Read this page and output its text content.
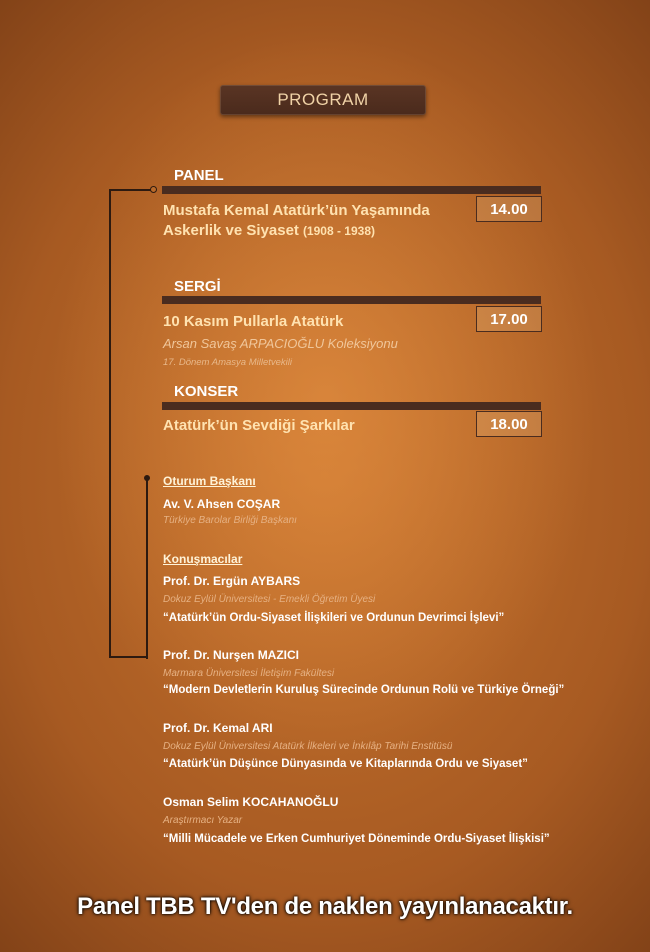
PROGRAM
PANEL
14.00
Mustafa Kemal Atatürk’ün Yaşamında
Askerlik ve Siyaset (1908 - 1938)
SERGİ
17.00
10 Kasım Pullarla Atatürk
Arsan Savaş ARPACIOĞLU Koleksiyonu
17. Dönem Amasya Milletvekili
KONSER
18.00
Atatürk’ün Sevdiği Şarkılar
Oturum Başkanı
Av. V. Ahsen COŞAR
Türkiye Barolar Birliği Başkanı
Konuşmacılar
Prof. Dr. Ergün AYBARS
Dokuz Eylül Üniversitesi - Emekli Öğretim Üyesi
“Atatürk’ün Ordu-Siyaset İlişkileri ve Ordunun Devrimci İşlevi”
Prof. Dr. Nurşen MAZICI
Marmara Üniversitesi İletişim Fakültesi
“Modern Devletlerin Kuruluş Sürecinde Ordunun Rolü ve Türkiye Örneği”
Prof. Dr. Kemal ARI
Dokuz Eylül Üniversitesi Atatürk İlkeleri ve İnkılâp Tarihi Enstitüsü
“Atatürk’ün Düşünce Dünyasında ve Kitaplarında Ordu ve Siyaset”
Osman Selim KOCAHANOĞLU
Araştırmacı Yazar
“Milli Mücadele ve Erken Cumhuriyet Döneminde Ordu-Siyaset İlişkisi”
Panel TBB TV'den de naklen yayınlanacaktır.
